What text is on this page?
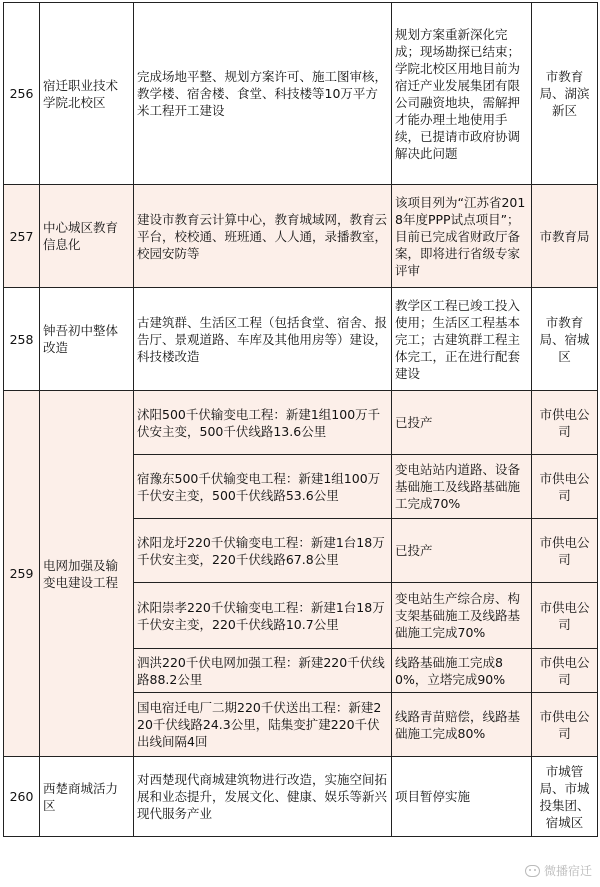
256	宿迁职业技术学院北校区	完成场地平整、规划方案许可、施工图审核，教学楼、宿舍楼、食堂、科技楼等10万平方米工程开工建设	规划方案重新深化完成；现场勘探已结束；学院北校区用地目前为宿迁产业发展集团有限公司融资地块，需解押才能办理土地使用手续，已提请市政府协调解决此问题	市教育局、湖滨新区
257	中心城区教育信息化	建设市教育云计算中心，教育城域网，教育云平台，校校通、班班通、人人通，录播教室，校园安防等	该项目列为“江苏省2018年度PPP试点项目”；目前已完成省财政厅备案，即将进行省级专家评审	市教育局
258	钟吾初中整体改造	古建筑群、生活区工程（包括食堂、宿舍、报告厅、景观道路、车库及其他用房等）建设，科技楼改造	教学区工程已竣工投入使用；生活区工程基本完工；古建筑群工程主体完工，正在进行配套建设	市教育局、宿城区
259	电网加强及输变电建设工程	沭阳500千伏输变电工程：新建1组100万千伏安主变，500千伏线路13.6公里	已投产	市供电公司
		宿豫东500千伏输变电工程：新建1组100万千伏安主变，500千伏线路53.6公里	变电站站内道路、设备基础施工及线路基础施工完成70%	市供电公司
		沭阳龙圩220千伏输变电工程：新建1台18万千伏安主变，220千伏线路67.8公里	已投产	市供电公司
		沭阳崇孝220千伏输变电工程：新建1台18万千伏安主变，220千伏线路10.7公里	变电站生产综合房、构支架基础施工及线路基础施工完成70%	市供电公司
		泗洪220千伏电网加强工程：新建220千伏线路88.2公里	线路基础施工完成80%，立塔完成90%	市供电公司
		国电宿迁电厂二期220千伏送出工程：新建220千伏线路24.3公里，陆集变扩建220千伏出线间隔4回	线路青苗赔偿，线路基础施工完成80%	市供电公司
260	西楚商城活力区	对西楚现代商城建筑物进行改造，实施空间拓展和业态提升，发展文化、健康、娱乐等新兴现代服务产业	项目暂停实施	市城管局、市城投集团、宿城区
微播宿迁
